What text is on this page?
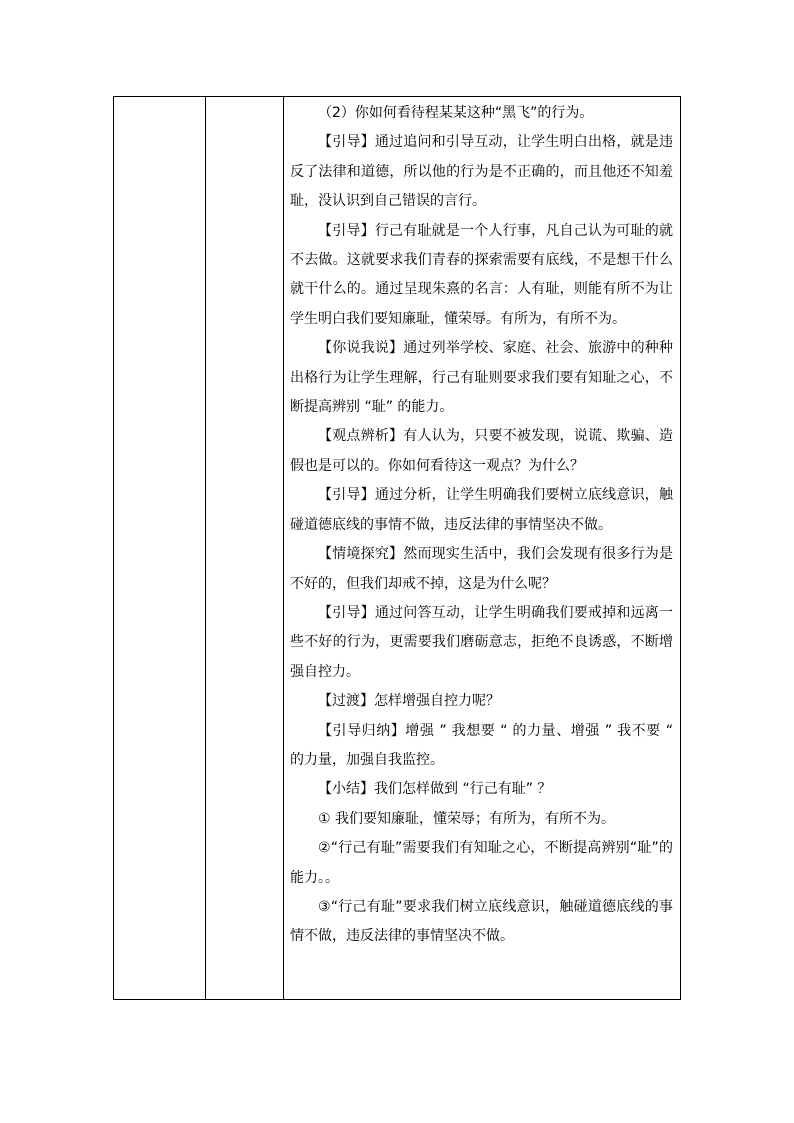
（2）你如何看待程某某这种“黑飞”的行为。

【引导】通过追问和引导互动，让学生明白出格，就是违反了法律和道德，所以他的行为是不正确的，而且他还不知羞耻，没认识到自己错误的言行。

【引导】行己有耻就是一个人行事，凡自己认为可耻的就不去做。这就要求我们青春的探索需要有底线，不是想干什么就干什么的。通过呈现朱熹的名言：人有耻，则能有所不为让学生明白我们要知廉耻，懂荣辱。有所为，有所不为。

【你说我说】通过列举学校、家庭、社会、旅游中的种种出格行为让学生理解，行己有耻则要求我们要有知耻之心，不断提高辨别 “耻” 的能力。

【观点辨析】有人认为，只要不被发现，说谎、欺骗、造假也是可以的。你如何看待这一观点？为什么？

【引导】通过分析，让学生明确我们要树立底线意识，触碰道德底线的事情不做，违反法律的事情坚决不做。

【情境探究】然而现实生活中，我们会发现有很多行为是不好的，但我们却戒不掉，这是为什么呢？

【引导】通过问答互动，让学生明确我们要戒掉和远离一些不好的行为，更需要我们磨砺意志，拒绝不良诱惑，不断增强自控力。

【过渡】怎样增强自控力呢？

【引导归纳】增强 ” 我想要 “ 的力量、增强 ” 我不要 “ 的力量，加强自我监控。

【小结】我们怎样做到 “行己有耻” ？

① 我们要知廉耻，懂荣辱；有所为，有所不为。

②“行己有耻”需要我们有知耻之心，不断提高辨别“耻”的能力。。

③“行己有耻”要求我们树立底线意识，触碰道德底线的事情不做，违反法律的事情坚决不做。
